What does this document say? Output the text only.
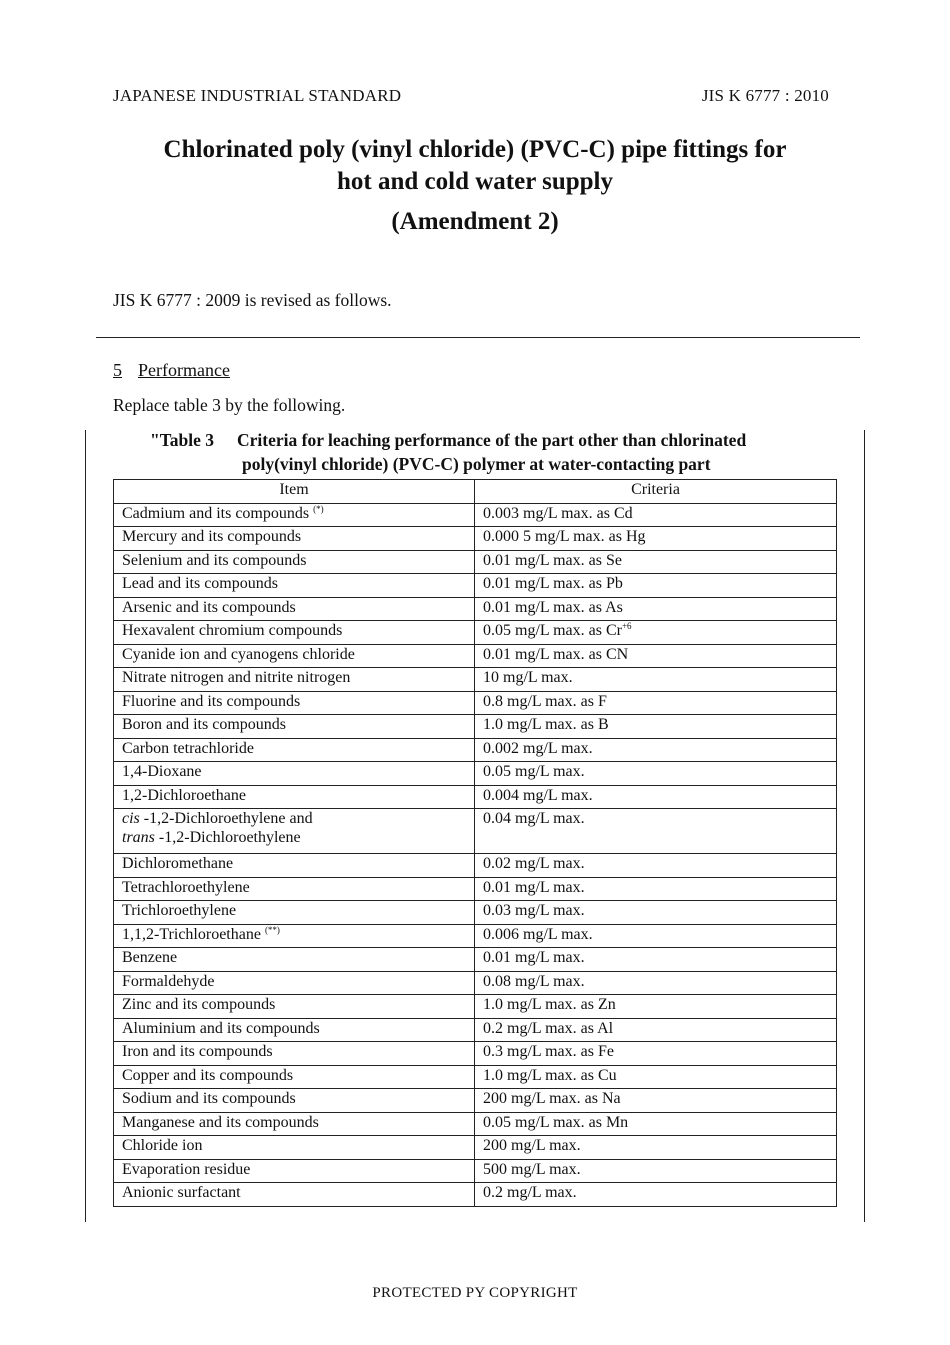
JAPANESE INDUSTRIAL STANDARD	JIS K 6777 : 2010
Chlorinated poly (vinyl chloride) (PVC-C) pipe fittings for
hot and cold water supply
(Amendment 2)
JIS K 6777 : 2009 is revised as follows.
5 Performance
Replace table 3 by the following.
"Table 3 Criteria for leaching performance of the part other than chlorinated
poly(vinyl chloride) (PVC-C) polymer at water-contacting part
Item	Criteria
Cadmium and its compounds (*)	0.003 mg/L max. as Cd
Mercury and its compounds	0.000 5 mg/L max. as Hg
Selenium and its compounds	0.01 mg/L max. as Se
Lead and its compounds	0.01 mg/L max. as Pb
Arsenic and its compounds	0.01 mg/L max. as As
Hexavalent chromium compounds	0.05 mg/L max. as $Cr^{+6}$
Cyanide ion and cyanogens chloride	0.01 mg/L max. as CN
Nitrate nitrogen and nitrite nitrogen	10 mg/L max.
Fluorine and its compounds	0.8 mg/L max. as F
Boron and its compounds	1.0 mg/L max. as B
Carbon tetrachloride	0.002 mg/L max.
1,4-Dioxane	0.05 mg/L max.
1,2-Dichloroethane	0.004 mg/L max.
cis -1,2-Dichloroethylene and
trans -1,2-Dichloroethylene	0.04 mg/L max.
Dichloromethane	0.02 mg/L max.
Tetrachloroethylene	0.01 mg/L max.
Trichloroethylene	0.03 mg/L max.
1,1,2-Trichloroethane (**)	0.006 mg/L max.
Benzene	0.01 mg/L max.
Formaldehyde	0.08 mg/L max.
Zinc and its compounds	1.0 mg/L max. as Zn
Aluminium and its compounds	0.2 mg/L max. as Al
Iron and its compounds	0.3 mg/L max. as Fe
Copper and its compounds	1.0 mg/L max. as Cu
Sodium and its compounds	200 mg/L max. as Na
Manganese and its compounds	0.05 mg/L max. as Mn
Chloride ion	200 mg/L max.
Evaporation residue	500 mg/L max.
Anionic surfactant	0.2 mg/L max.
PROTECTED PY COPYRIGHT
